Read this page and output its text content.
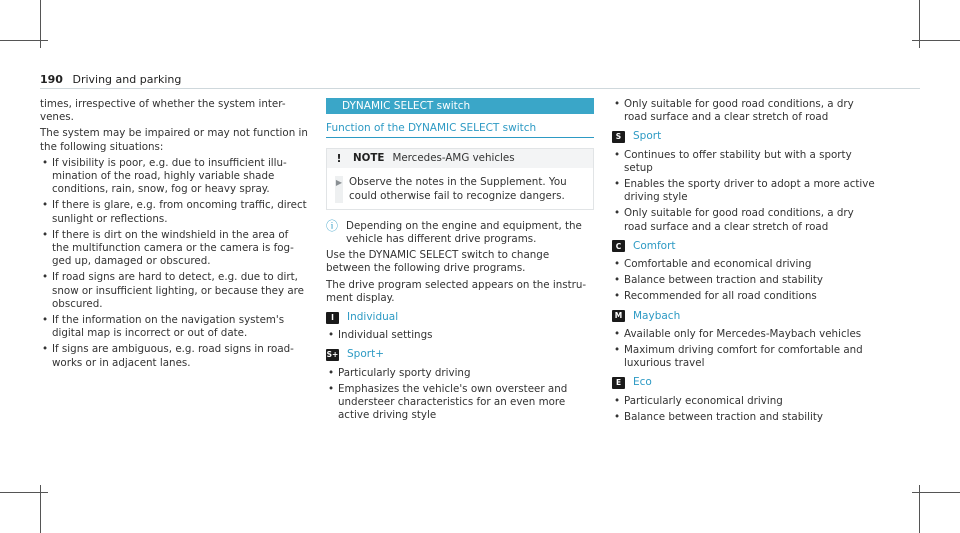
190 Driving and parking

times, irrespective of whether the system inter-
venes.

The system may be impaired or may not function in the following situations:

• If visibility is poor, e.g. due to insufficient illu-mination of the road, highly variable shade conditions, rain, snow, fog or heavy spray.
• If there is glare, e.g. from oncoming traffic, direct sunlight or reflections.
• If there is dirt on the windshield in the area of the multifunction camera or the camera is fog-ged up, damaged or obscured.
• If road signs are hard to detect, e.g. due to dirt, snow or insufficient lighting, or because they are obscured.
• If the information on the navigation system's digital map is incorrect or out of date.
• If signs are ambiguous, e.g. road signs in road-works or in adjacent lanes.
DYNAMIC SELECT switch
Function of the DYNAMIC SELECT switch
!	NOTE Mercedes-AMG vehicles
▶ Observe the notes in the Supplement. You could otherwise fail to recognize dangers.
ⓘ Depending on the engine and equipment, the vehicle has different drive programs.

Use the DYNAMIC SELECT switch to change between the following drive programs.

The drive program selected appears on the instru-ment display.

I	Individual
• Individual settings
S+ Sport+
• Particularly sporty driving
• Emphasizes the vehicle's own oversteer and understeer characteristics for an even more active driving style
• Only suitable for good road conditions, a dry road surface and a clear stretch of road
S	Sport
• Continues to offer stability but with a sporty setup
• Enables the sporty driver to adopt a more active driving style
• Only suitable for good road conditions, a dry road surface and a clear stretch of road
C	Comfort
• Comfortable and economical driving
• Balance between traction and stability
• Recommended for all road conditions
M Maybach
• Available only for Mercedes-Maybach vehicles
• Maximum driving comfort for comfortable and luxurious travel
E	Eco
• Particularly economical driving
• Balance between traction and stability
